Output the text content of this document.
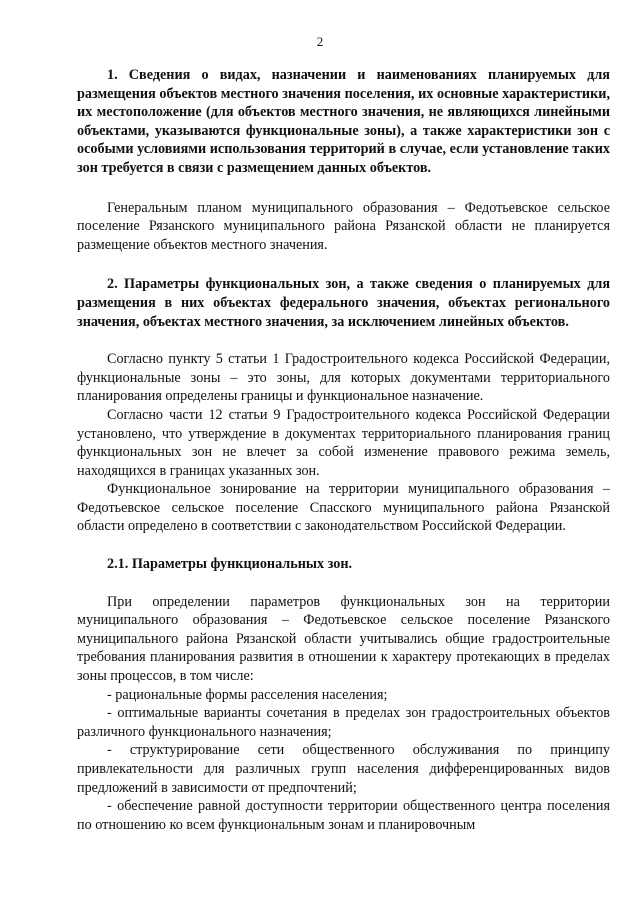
2

1. Сведения о видах, назначении и наименованиях планируемых для размещения объектов местного значения поселения, их основные характеристики, их местоположение (для объектов местного значения, не являющихся линейными объектами, указываются функциональные зоны), а также характеристики зон с особыми условиями использования территорий в случае, если установление таких зон требуется в связи с размещением данных объектов.

Генеральным планом муниципального образования – Федотьевское сельское поселение Рязанского муниципального района Рязанской области не планируется размещение объектов местного значения.

2. Параметры функциональных зон, а также сведения о планируемых для размещения в них объектах федерального значения, объектах регионального значения, объектах местного значения, за исключением линейных объектов.

Согласно пункту 5 статьи 1 Градостроительного кодекса Российской Федерации, функциональные зоны – это зоны, для которых документами территориального планирования определены границы и функциональное назначение.

Согласно части 12 статьи 9 Градостроительного кодекса Российской Федерации установлено, что утверждение в документах территориального планирования границ функциональных зон не влечет за собой изменение правового режима земель, находящихся в границах указанных зон.

Функциональное зонирование на территории муниципального образования – Федотьевское сельское поселение Спасского муниципального района Рязанской области определено в соответствии с законодательством Российской Федерации.

2.1. Параметры функциональных зон.

При определении параметров функциональных зон на территории муниципального образования – Федотьевское сельское поселение Рязанского муниципального района Рязанской области учитывались общие градостроительные требования планирования развития в отношении к характеру протекающих в пределах зоны процессов, в том числе:

- рациональные формы расселения населения;

- оптимальные варианты сочетания в пределах зон градостроительных объектов различного функционального назначения;

- структурирование сети общественного обслуживания по принципу привлекательности для различных групп населения дифференцированных видов предложений в зависимости от предпочтений;

- обеспечение равной доступности территории общественного центра поселения по отношению ко всем функциональным зонам и планировочным
